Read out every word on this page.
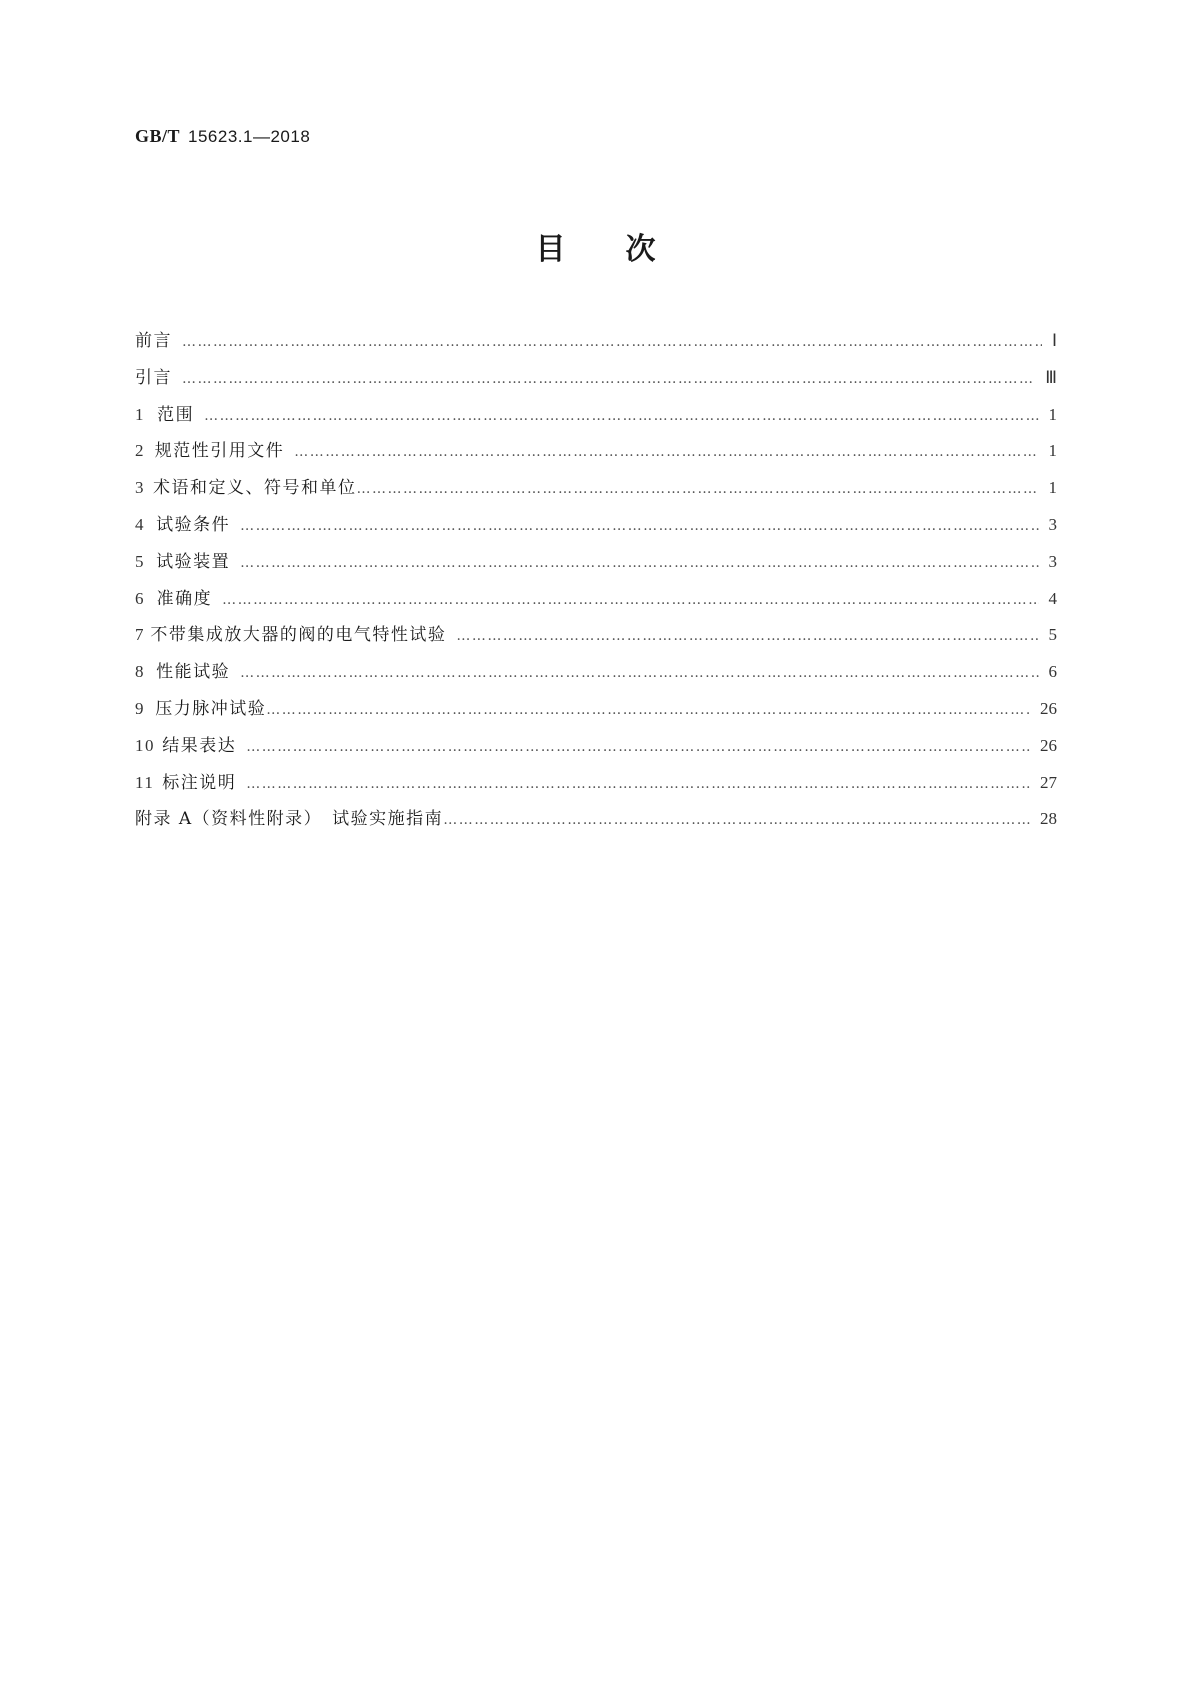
GB/T 15623.1—2018
目次
前言 ………………………………………………………………………………………………………………………………………………………………………………………………………………	Ⅰ
引言 ………………………………………………………………………………………………………………………………………………………………………………………………………………	Ⅲ
1 范围 ………………………………………………………………………………………………………………………………………………………………………………………………………………	1
2 规范性引用文件 ………………………………………………………………………………………………………………………………………………………………………………………………………………	1
3 术语和定义、符号和单位 ………………………………………………………………………………………………………………………………………………………………………………………………………………	1
4 试验条件 ………………………………………………………………………………………………………………………………………………………………………………………………………………	3
5 试验装置 ………………………………………………………………………………………………………………………………………………………………………………………………………………	3
6 准确度 ………………………………………………………………………………………………………………………………………………………………………………………………………………	4
7 不带集成放大器的阀的电气特性试验 ………………………………………………………………………………………………………………………………………………………………………………………………………………	5
8 性能试验 ………………………………………………………………………………………………………………………………………………………………………………………………………………	6
9 压力脉冲试验 ………………………………………………………………………………………………………………………………………………………………………………………………………………	26
10 结果表达 ………………………………………………………………………………………………………………………………………………………………………………………………………………	26
11 标注说明 ………………………………………………………………………………………………………………………………………………………………………………………………………………	27
附录 A（资料性附录）　试验实施指南 ………………………………………………………………………………………………………………………………………………………………………………………………………………	28
